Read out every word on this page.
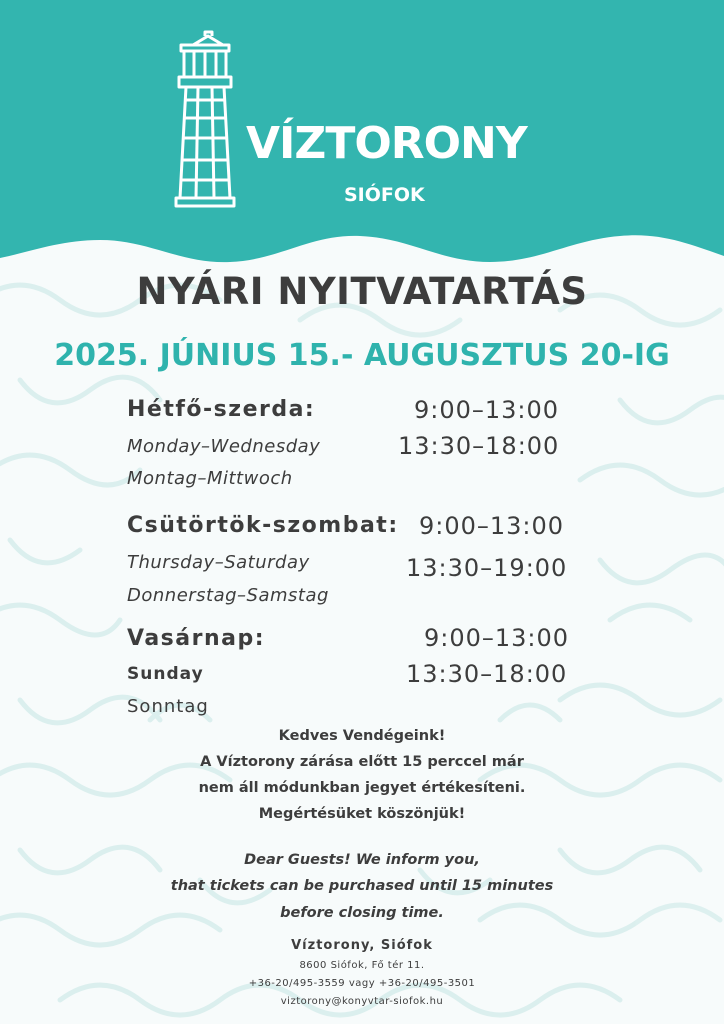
VÍZTORONY
SIÓFOK
NYÁRI NYITVATARTÁS
2025. JÚNIUS 15.- AUGUSZTUS 20-IG
Hétfő-szerda:
Monday–Wednesday
Montag–Mittwoch
9:00–13:00
13:30–18:00
Csütörtök-szombat:
Thursday–Saturday
Donnerstag–Samstag
9:00–13:00
13:30–19:00
Vasárnap:
Sunday
Sonntag
9:00–13:00
13:30–18:00
Kedves Vendégeink!
A Víztorony zárása előtt 15 perccel már
nem áll módunkban jegyet értékesíteni.
Megértésüket köszönjük!
Dear Guests! We inform you,
that tickets can be purchased until 15 minutes
before closing time.
Víztorony, Siófok
8600 Siófok, Fő tér 11.
+36-20/495-3559 vagy +36-20/495-3501
viztorony@konyvtar-siofok.hu
